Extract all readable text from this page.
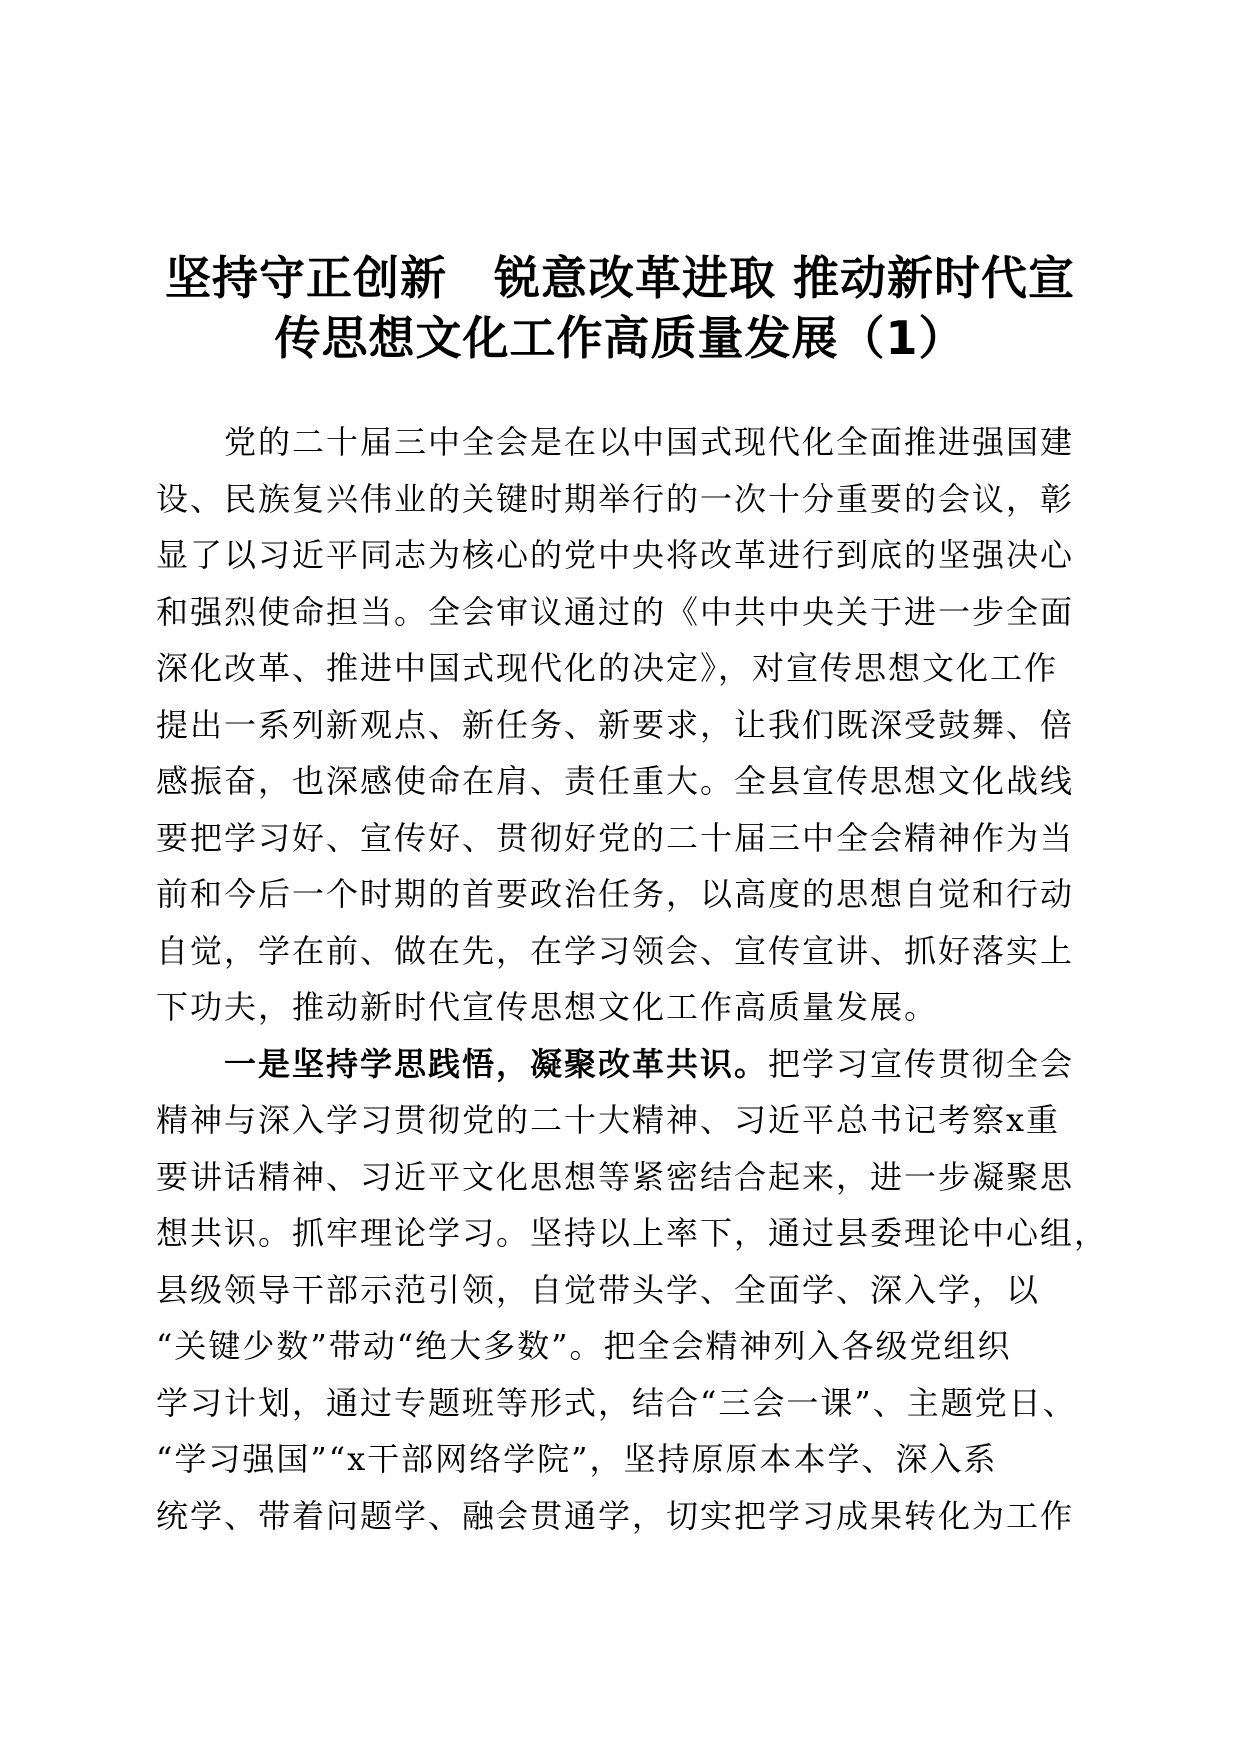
坚持守正创新　锐意改革进取 推动新时代宣
传思想文化工作高质量发展（1）

党的二十届三中全会是在以中国式现代化全面推进强国建
设、民族复兴伟业的关键时期举行的一次十分重要的会议，彰
显了以习近平同志为核心的党中央将改革进行到底的坚强决心
和强烈使命担当。全会审议通过的《中共中央关于进一步全面
深化改革、推进中国式现代化的决定》，对宣传思想文化工作
提出一系列新观点、新任务、新要求，让我们既深受鼓舞、倍
感振奋，也深感使命在肩、责任重大。全县宣传思想文化战线
要把学习好、宣传好、贯彻好党的二十届三中全会精神作为当
前和今后一个时期的首要政治任务，以高度的思想自觉和行动
自觉，学在前、做在先，在学习领会、宣传宣讲、抓好落实上
下功夫，推动新时代宣传思想文化工作高质量发展。

一是坚持学思践悟，凝聚改革共识。把学习宣传贯彻全会
精神与深入学习贯彻党的二十大精神、习近平总书记考察x重
要讲话精神、习近平文化思想等紧密结合起来，进一步凝聚思
想共识。抓牢理论学习。坚持以上率下，通过县委理论中心组，
县级领导干部示范引领，自觉带头学、全面学、深入学，以
“关键少数”带动“绝大多数”。把全会精神列入各级党组织
学习计划，通过专题班等形式，结合“三会一课”、主题党日、
“学习强国”“x干部网络学院”，坚持原原本本学、深入系
统学、带着问题学、融会贯通学，切实把学习成果转化为工作
